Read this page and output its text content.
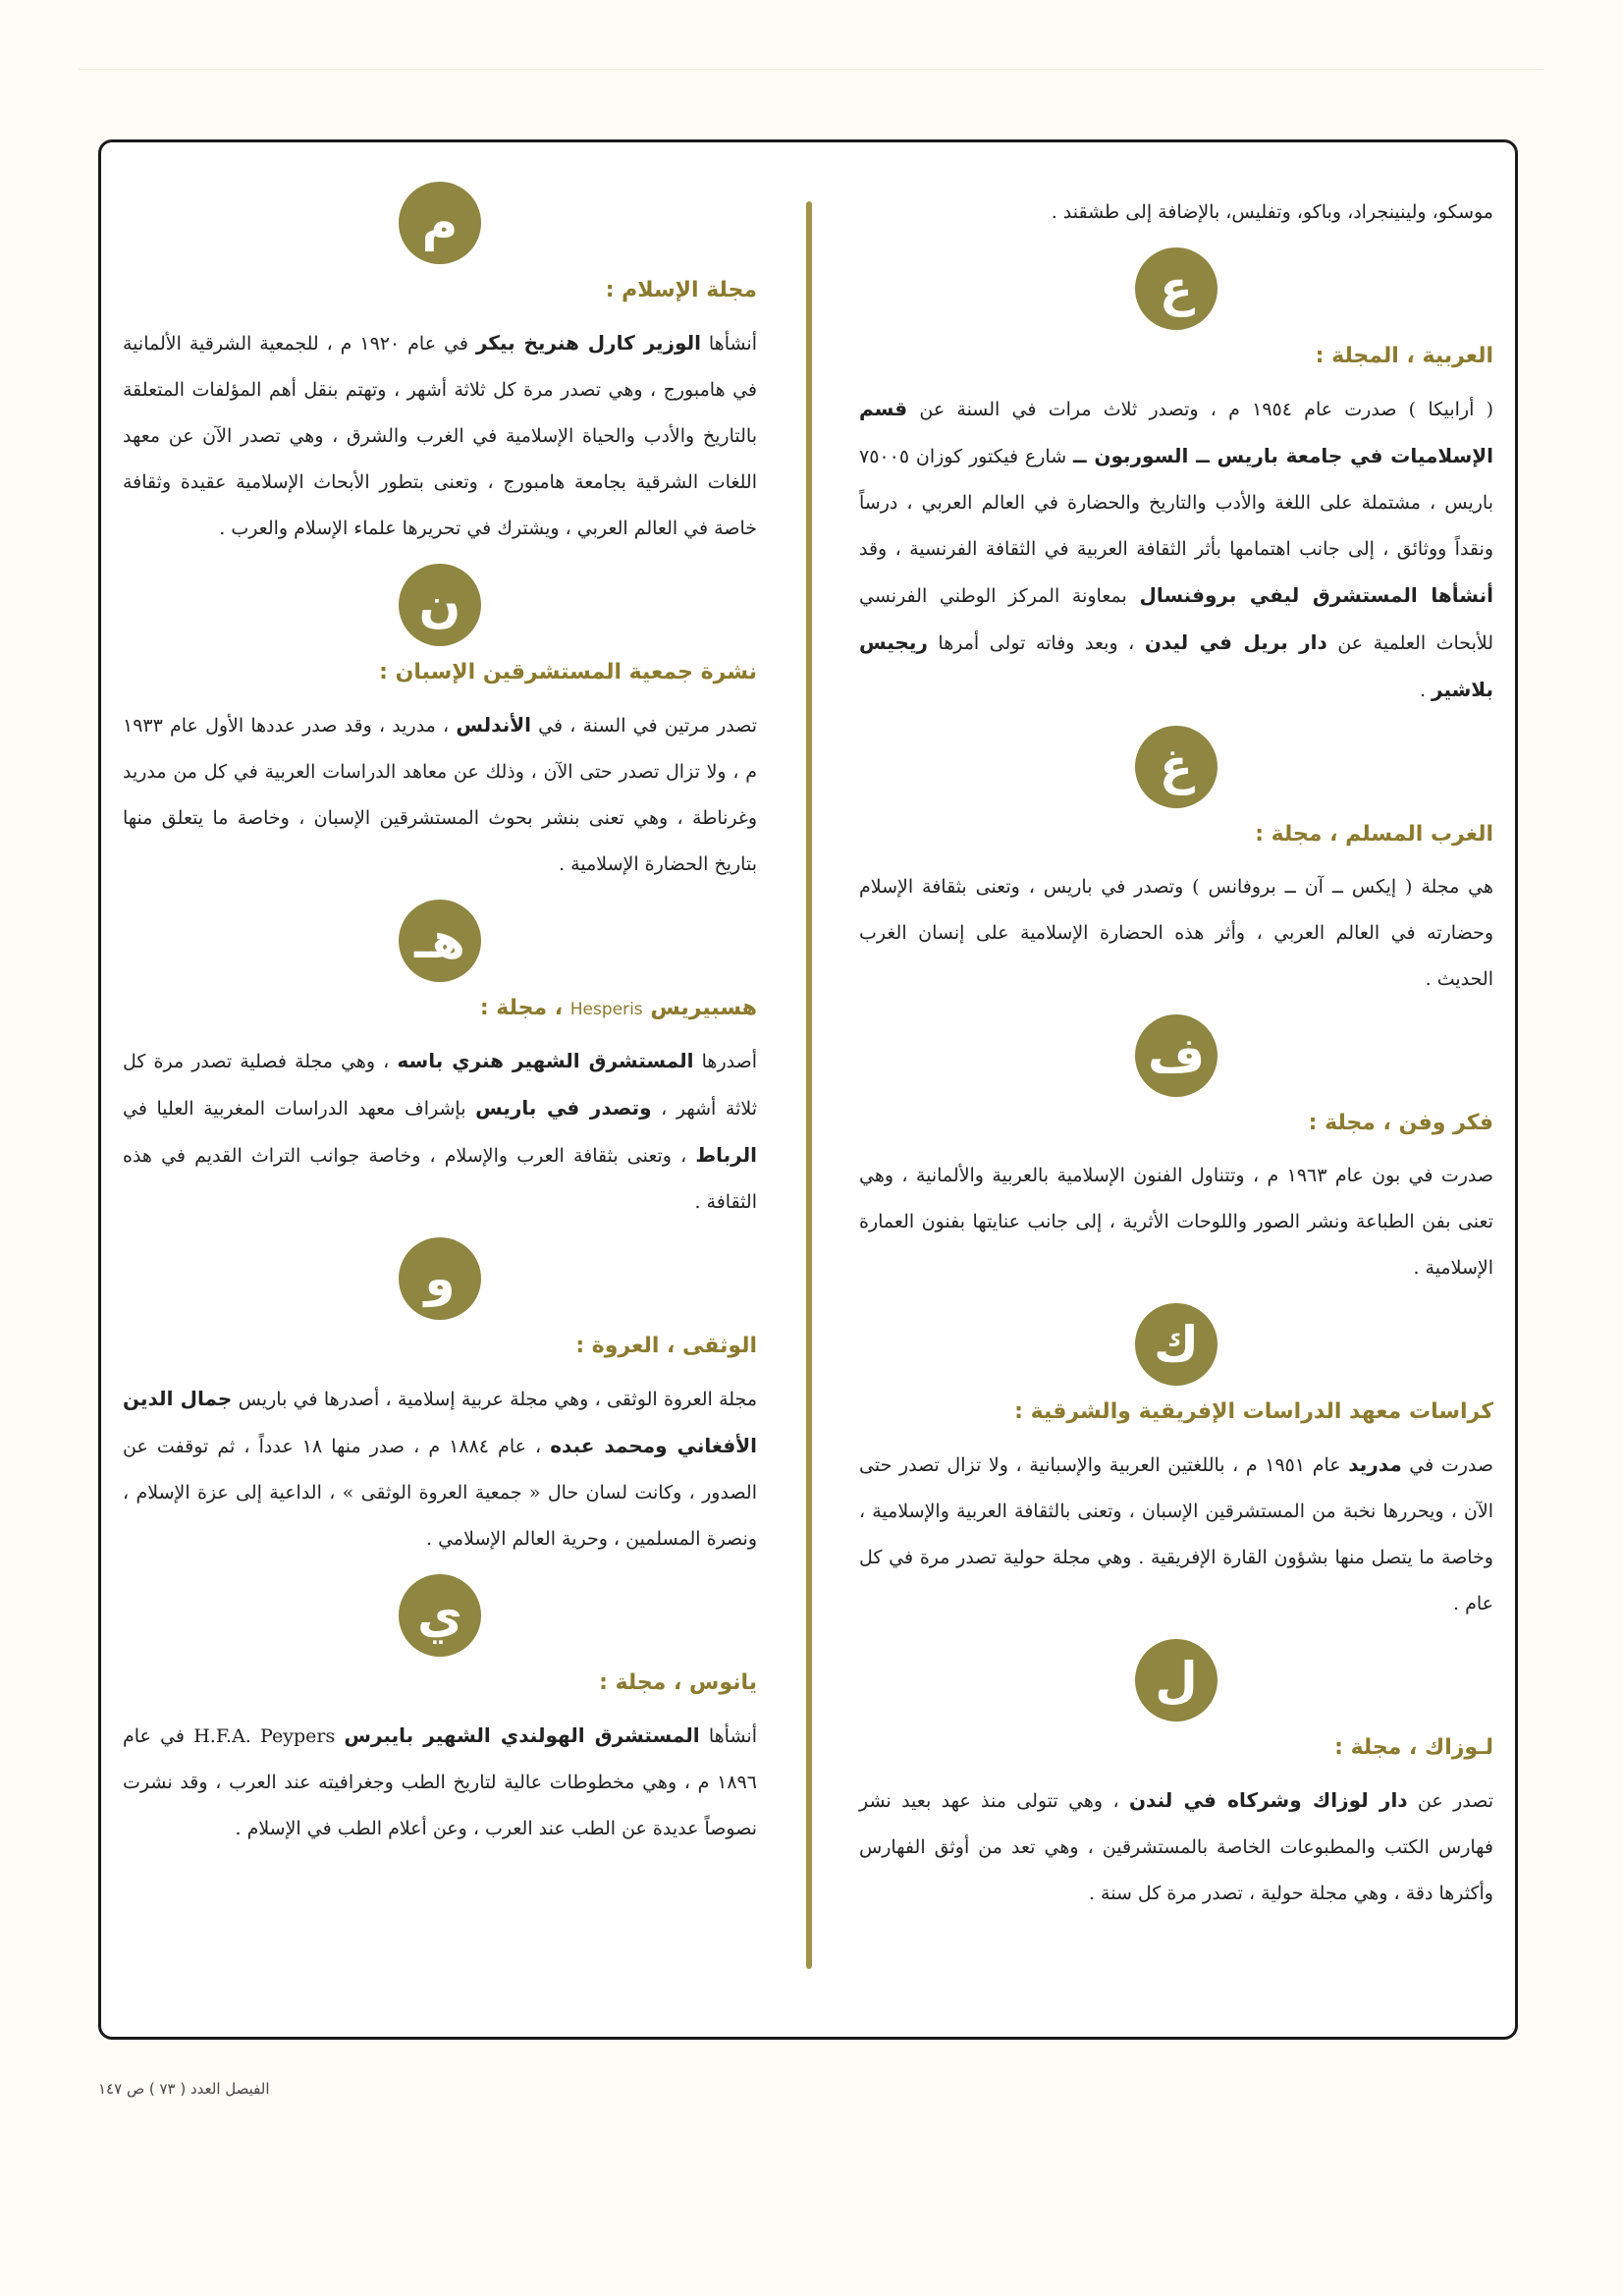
موسكو، ولينينجراد، وباكو، وتفليس، بالإضافة إلى طشقند .

ع
العربية ، المجلة :

( أرابيكا ) صدرت عام ١٩٥٤ م ، وتصدر ثلاث مرات في السنة عن قسم الإسلاميات في جامعة باريس ــ السوربون ــ شارع فيكتور كوزان ٧٥٠٠٥ باريس ، مشتملة على اللغة والأدب والتاريخ والحضارة في العالم العربي ، درساً ونقداً ووثائق ، إلى جانب اهتمامها بأثر الثقافة العربية في الثقافة الفرنسية ، وقد أنشأها المستشرق ليفي بروفنسال بمعاونة المركز الوطني الفرنسي للأبحاث العلمية عن دار بريل في ليدن ، وبعد وفاته تولى أمرها ريجيس بلاشير .

غ
الغرب المسلم ، مجلة :

هي مجلة ( إيكس ــ آن ــ بروفانس ) وتصدر في باريس ، وتعنى بثقافة الإسلام وحضارته في العالم العربي ، وأثر هذه الحضارة الإسلامية على إنسان الغرب الحديث .

ف
فكر وفن ، مجلة :

صدرت في بون عام ١٩٦٣ م ، وتتناول الفنون الإسلامية بالعربية والألمانية ، وهي تعنى بفن الطباعة ونشر الصور واللوحات الأثرية ، إلى جانب عنايتها بفنون العمارة الإسلامية .

ك
كراسات معهد الدراسات الإفريقية والشرقية :

صدرت في مدريد عام ١٩٥١ م ، باللغتين العربية والإسبانية ، ولا تزال تصدر حتى الآن ، ويحررها نخبة من المستشرقين الإسبان ، وتعنى بالثقافة العربية والإسلامية ، وخاصة ما يتصل منها بشؤون القارة الإفريقية . وهي مجلة حولية تصدر مرة في كل عام .

ل
لـوزاك ، مجلة :

تصدر عن دار لوزاك وشركاه في لندن ، وهي تتولى منذ عهد بعيد نشر فهارس الكتب والمطبوعات الخاصة بالمستشرقين ، وهي تعد من أوثق الفهارس وأكثرها دقة ، وهي مجلة حولية ، تصدر مرة كل سنة .

م
مجلة الإسلام :

أنشأها الوزير كارل هنريخ بيكر في عام ١٩٢٠ م ، للجمعية الشرقية الألمانية في هامبورج ، وهي تصدر مرة كل ثلاثة أشهر ، وتهتم بنقل أهم المؤلفات المتعلقة بالتاريخ والأدب والحياة الإسلامية في الغرب والشرق ، وهي تصدر الآن عن معهد اللغات الشرقية بجامعة هامبورج ، وتعنى بتطور الأبحاث الإسلامية عقيدة وثقافة خاصة في العالم العربي ، ويشترك في تحريرها علماء الإسلام والعرب .

ن
نشرة جمعية المستشرقين الإسبان :

تصدر مرتين في السنة ، في الأندلس ، مدريد ، وقد صدر عددها الأول عام ١٩٣٣ م ، ولا تزال تصدر حتى الآن ، وذلك عن معاهد الدراسات العربية في كل من مدريد وغرناطة ، وهي تعنى بنشر بحوث المستشرقين الإسبان ، وخاصة ما يتعلق منها بتاريخ الحضارة الإسلامية .

هـ
هسبيريس Hesperis ، مجلة :

أصدرها المستشرق الشهير هنري باسه ، وهي مجلة فصلية تصدر مرة كل ثلاثة أشهر ، وتصدر في باريس بإشراف معهد الدراسات المغربية العليا في الرباط ، وتعنى بثقافة العرب والإسلام ، وخاصة جوانب التراث القديم في هذه الثقافة .

و
الوثقى ، العروة :

مجلة العروة الوثقى ، وهي مجلة عربية إسلامية ، أصدرها في باريس جمال الدين الأفغاني ومحمد عبده ، عام ١٨٨٤ م ، صدر منها ١٨ عدداً ، ثم توقفت عن الصدور ، وكانت لسان حال « جمعية العروة الوثقى » ، الداعية إلى عزة الإسلام ، ونصرة المسلمين ، وحرية العالم الإسلامي .

ي
يانوس ، مجلة :

أنشأها المستشرق الهولندي الشهير بايبرس H.F.A. Peypers في عام ١٨٩٦ م ، وهي مخطوطات عالية لتاريخ الطب وجغرافيته عند العرب ، وقد نشرت نصوصاً عديدة عن الطب عند العرب ، وعن أعلام الطب في الإسلام .

الفيصل العدد ( ٧٣ ) ص ١٤٧
